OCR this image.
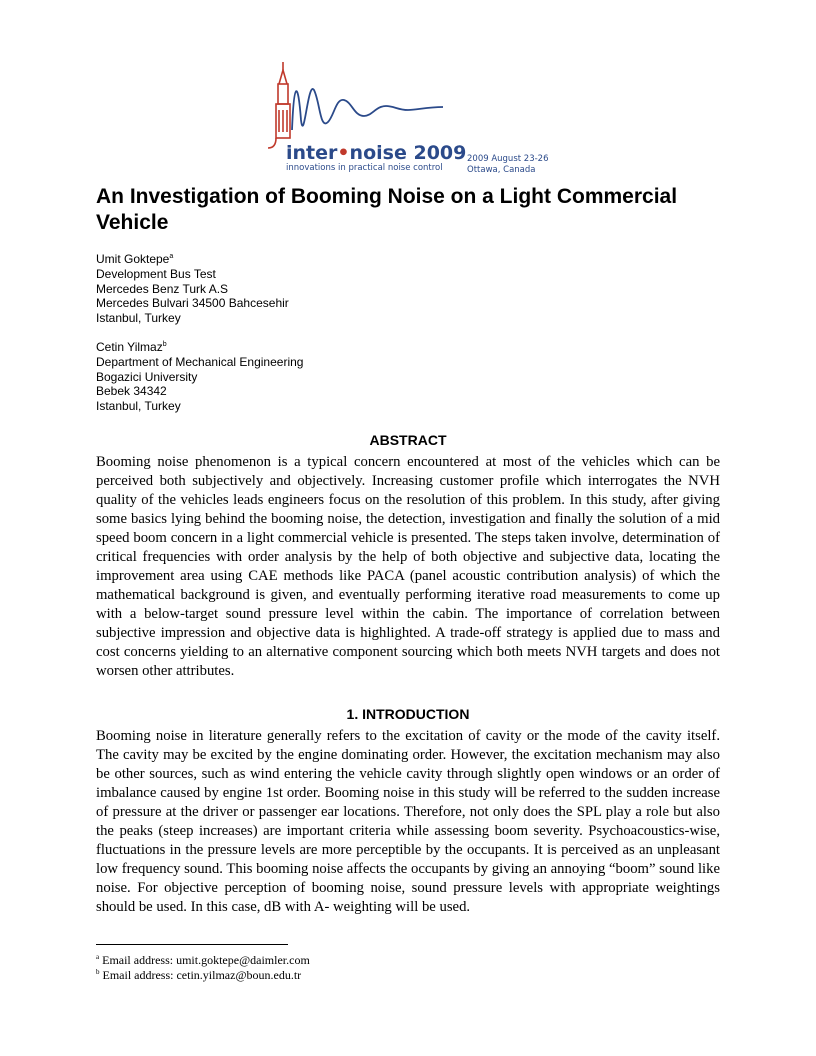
inter•noise 2009
innovations in practical noise control
2009 August 23-26
Ottawa, Canada
An Investigation of Booming Noise on a Light Commercial Vehicle
Umit Goktepe$^a$
Development Bus Test
Mercedes Benz Turk A.S
Mercedes Bulvari 34500 Bahcesehir
Istanbul, Turkey
Cetin Yilmaz$^b$
Department of Mechanical Engineering
Bogazici University
Bebek 34342
Istanbul, Turkey
ABSTRACT
Booming noise phenomenon is a typical concern encountered at most of the vehicles which can be perceived both subjectively and objectively. Increasing customer profile which interrogates the NVH quality of the vehicles leads engineers focus on the resolution of this problem. In this study, after giving some basics lying behind the booming noise, the detection, investigation and finally the solution of a mid speed boom concern in a light commercial vehicle is presented. The steps taken involve, determination of critical frequencies with order analysis by the help of both objective and subjective data, locating the improvement area using CAE methods like PACA (panel acoustic contribution analysis) of which the mathematical background is given, and eventually performing iterative road measurements to come up with a below-target sound pressure level within the cabin. The importance of correlation between subjective impression and objective data is highlighted. A trade-off strategy is applied due to mass and cost concerns yielding to an alternative component sourcing which both meets NVH targets and does not worsen other attributes.
1. INTRODUCTION
Booming noise in literature generally refers to the excitation of cavity or the mode of the cavity itself. The cavity may be excited by the engine dominating order. However, the excitation mechanism may also be other sources, such as wind entering the vehicle cavity through slightly open windows or an order of imbalance caused by engine 1st order. Booming noise in this study will be referred to the sudden increase of pressure at the driver or passenger ear locations. Therefore, not only does the SPL play a role but also the peaks (steep increases) are important criteria while assessing boom severity. Psychoacoustics-wise, fluctuations in the pressure levels are more perceptible by the occupants. It is perceived as an unpleasant low frequency sound. This booming noise affects the occupants by giving an annoying “boom” sound like noise. For objective perception of booming noise, sound pressure levels with appropriate weightings should be used. In this case, dB with A- weighting will be used.
$^a$ Email address: umit.goktepe@daimler.com
$^b$ Email address: cetin.yilmaz@boun.edu.tr
